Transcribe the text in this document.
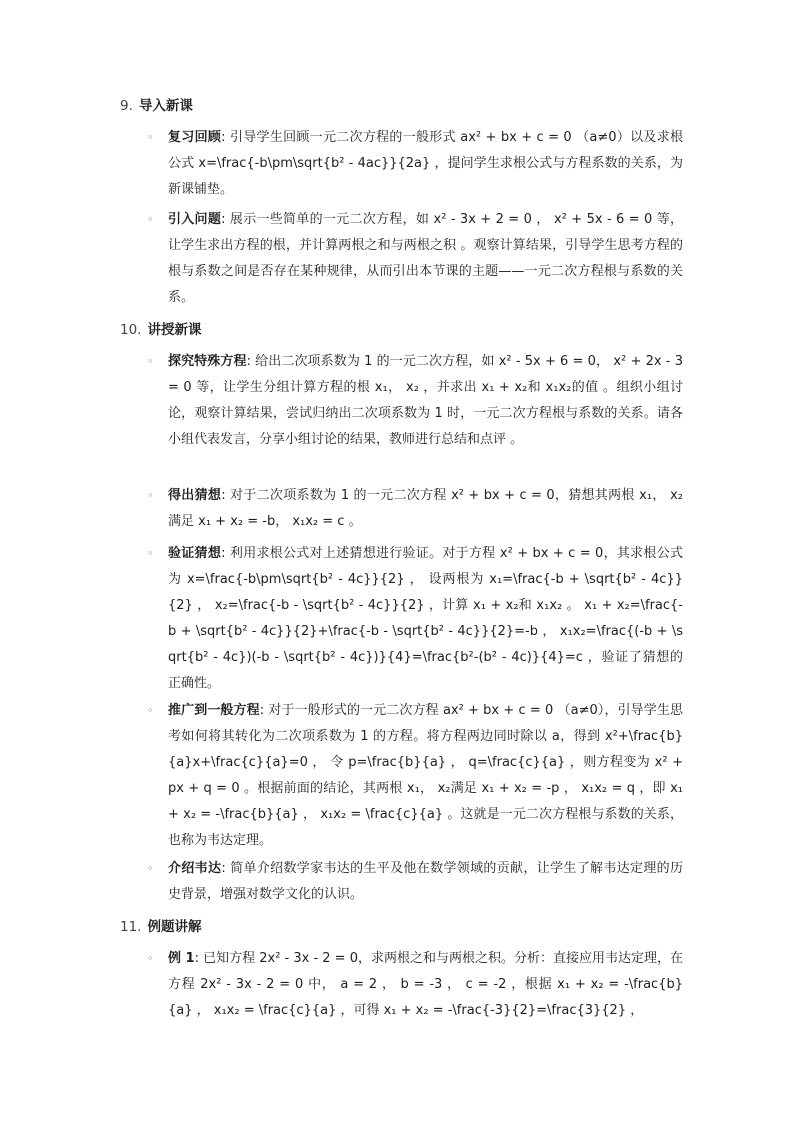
9. 导入新课
◦ 复习回顾: 引导学生回顾一元二次方程的一般形式 ax² + bx + c = 0 （a≠0）以及求根公式 x=\frac{-b\pm\sqrt{b² - 4ac}}{2a} ，提问学生求根公式与方程系数的关系，为新课铺垫。
◦ 引入问题: 展示一些简单的一元二次方程，如 x² - 3x + 2 = 0 ， x² + 5x - 6 = 0 等，让学生求出方程的根，并计算两根之和与两根之积 。观察计算结果，引导学生思考方程的根与系数之间是否存在某种规律，从而引出本节课的主题——一元二次方程根与系数的关系。
10. 讲授新课
◦ 探究特殊方程: 给出二次项系数为 1 的一元二次方程，如 x² - 5x + 6 = 0， x² + 2x - 3 = 0 等，让学生分组计算方程的根 x₁， x₂ ，并求出 x₁ + x₂和 x₁x₂的值 。组织小组讨论，观察计算结果，尝试归纳出二次项系数为 1 时，一元二次方程根与系数的关系。请各小组代表发言，分享小组讨论的结果，教师进行总结和点评 。
◦ 得出猜想: 对于二次项系数为 1 的一元二次方程 x² + bx + c = 0，猜想其两根 x₁， x₂满足 x₁ + x₂ = -b， x₁x₂ = c 。
◦ 验证猜想: 利用求根公式对上述猜想进行验证。对于方程 x² + bx + c = 0，其求根公式为 x=\frac{-b\pm\sqrt{b² - 4c}}{2} ， 设两根为 x₁=\frac{-b + \sqrt{b² - 4c}}{2} ， x₂=\frac{-b - \sqrt{b² - 4c}}{2} ，计算 x₁ + x₂和 x₁x₂ 。 x₁ + x₂=\frac{-b + \sqrt{b² - 4c}}{2}+\frac{-b - \sqrt{b² - 4c}}{2}=-b ， x₁x₂=\frac{(-b + \sqrt{b² - 4c})(-b - \sqrt{b² - 4c})}{4}=\frac{b²-(b² - 4c)}{4}=c ，验证了猜想的正确性。
◦ 推广到一般方程: 对于一般形式的一元二次方程 ax² + bx + c = 0 （a≠0），引导学生思考如何将其转化为二次项系数为 1 的方程。将方程两边同时除以 a，得到 x²+\frac{b}{a}x+\frac{c}{a}=0 ， 令 p=\frac{b}{a} ， q=\frac{c}{a} ，则方程变为 x² + px + q = 0 。根据前面的结论，其两根 x₁， x₂满足 x₁ + x₂ = -p ， x₁x₂ = q ，即 x₁ + x₂ = -\frac{b}{a} ， x₁x₂ = \frac{c}{a} 。这就是一元二次方程根与系数的关系，也称为韦达定理。
◦ 介绍韦达: 简单介绍数学家韦达的生平及他在数学领域的贡献，让学生了解韦达定理的历史背景，增强对数学文化的认识。
11. 例题讲解
◦ 例 1: 已知方程 2x² - 3x - 2 = 0，求两根之和与两根之积。分析：直接应用韦达定理，在方程 2x² - 3x - 2 = 0 中， a = 2 ， b = -3 ， c = -2 ，根据 x₁ + x₂ = -\frac{b}{a} ， x₁x₂ = \frac{c}{a} ，可得 x₁ + x₂ = -\frac{-3}{2}=\frac{3}{2} ，
